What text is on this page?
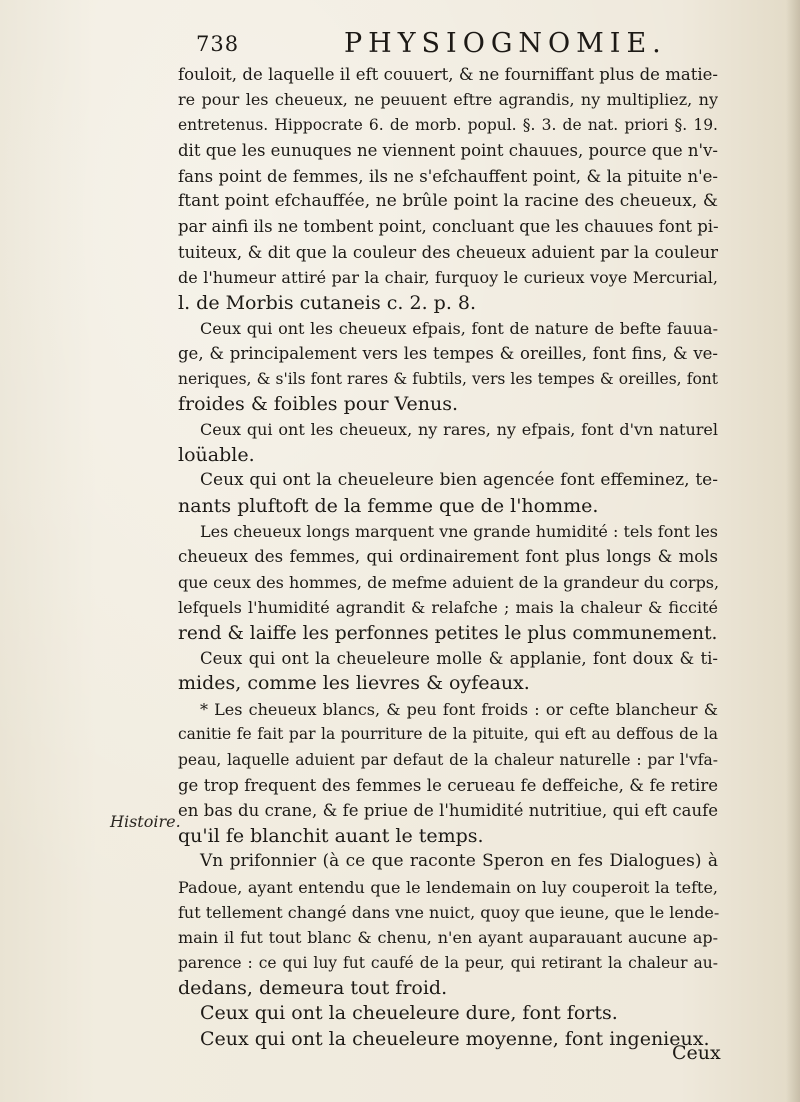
738	PHYSIOGNOMIE.
Histoire.
fouloit, de laquelle il eft couuert, & ne fourniffant plus de matie-
re pour les cheueux, ne peuuent eftre agrandis, ny multipliez, ny
entretenus. Hippocrate 6. de morb. popul. §. 3. de nat. priori §. 19.
dit que les eunuques ne viennent point chauues, pource que n'v-
fans point de femmes, ils ne s'efchauffent point, & la pituite n'e-
ftant point efchauffée, ne brûle point la racine des cheueux, &
par ainfi ils ne tombent point, concluant que les chauues font pi-
tuiteux, & dit que la couleur des cheueux aduient par la couleur
de l'humeur attiré par la chair, furquoy le curieux voye Mercurial,
l. de Morbis cutaneis c. 2. p. 8.
Ceux qui ont les cheueux efpais, font de nature de befte fauua-
ge, & principalement vers les tempes & oreilles, font fins, & ve-
neriques, & s'ils font rares & fubtils, vers les tempes & oreilles, font
froides & foibles pour Venus.
Ceux qui ont les cheueux, ny rares, ny efpais, font d'vn naturel
loüable.
Ceux qui ont la cheueleure bien agencée font effeminez, te-
nants pluftoft de la femme que de l'homme.
Les cheueux longs marquent vne grande humidité : tels font les
cheueux des femmes, qui ordinairement font plus longs & mols
que ceux des hommes, de mefme aduient de la grandeur du corps,
lefquels l'humidité agrandit & relafche ; mais la chaleur & ficcité
rend & laiffe les perfonnes petites le plus communement.
Ceux qui ont la cheueleure molle & applanie, font doux & ti-
mides, comme les lievres & oyfeaux.
* Les cheueux blancs, & peu font froids : or cefte blancheur &
canitie fe fait par la pourriture de la pituite, qui eft au deffous de la
peau, laquelle aduient par defaut de la chaleur naturelle : par l'vfa-
ge trop frequent des femmes le cerueau fe deffeiche, & fe retire
en bas du crane, & fe priue de l'humidité nutritiue, qui eft caufe
qu'il fe blanchit auant le temps.
Vn prifonnier (à ce que raconte Speron en fes Dialogues) à
Padoue, ayant entendu que le lendemain on luy couperoit la tefte,
fut tellement changé dans vne nuict, quoy que ieune, que le lende-
main il fut tout blanc & chenu, n'en ayant auparauant aucune ap-
parence : ce qui luy fut caufé de la peur, qui retirant la chaleur au-
dedans, demeura tout froid.
Ceux qui ont la cheueleure dure, font forts.
Ceux qui ont la cheueleure moyenne, font ingenieux.
Ceux
